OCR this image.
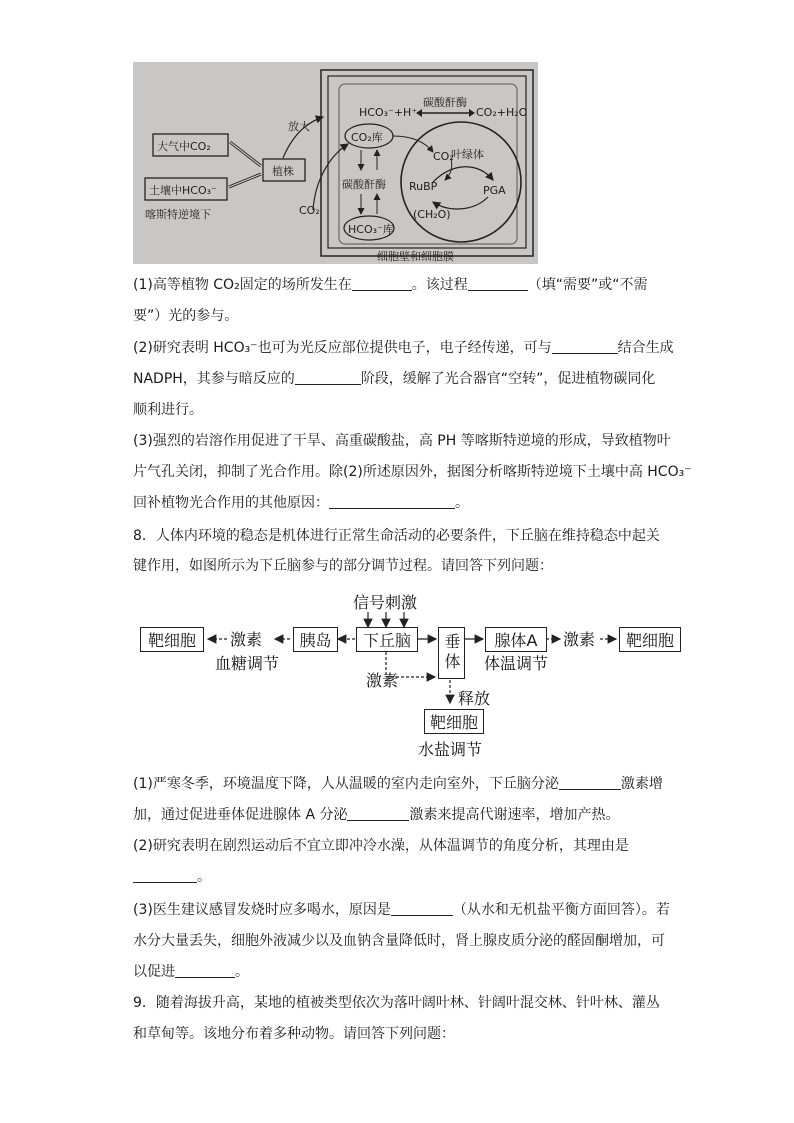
大气中CO₂
土壤中HCO₃⁻
喀斯特逆境下
植株
放大
CO₂
CO₂库
碳酸酐酶
HCO₃⁻库
HCO₃⁻+H⁺
碳酸酐酶
CO₂+H₂O
叶绿体
CO₂
RuBP	PGA
(CH₂O)
细胞壁和细胞膜
(1)高等植物 CO₂固定的场所发生在	。该过程	（填“需要”或“不需
要”）光的参与。
(2)研究表明 HCO₃⁻也可为光反应部位提供电子，电子经传递，可与	结合生成
NADPH，其参与暗反应的	阶段，缓解了光合器官“空转”，促进植物碳同化
顺利进行。
(3)强烈的岩溶作用促进了干旱、高重碳酸盐，高 PH 等喀斯特逆境的形成，导致植物叶
片气孔关闭，抑制了光合作用。除(2)所述原因外，据图分析喀斯特逆境下土壤中高 HCO₃⁻
回补植物光合作用的其他原因：	。
8．人体内环境的稳态是机体进行正常生命活动的必要条件，下丘脑在维持稳态中起关
键作用，如图所示为下丘脑参与的部分调节过程。请回答下列问题：
信号刺激
靶细胞	激素
血糖调节
胰岛	下丘脑	垂体	腺体A
体温调节
激素	靶细胞
激素
释放
靶细胞
水盐调节
(1)严寒冬季，环境温度下降，人从温暖的室内走向室外，下丘脑分泌	激素增
加，通过促进垂体促进腺体 A 分泌	激素来提高代谢速率，增加产热。
(2)研究表明在剧烈运动后不宜立即冲冷水澡，从体温调节的角度分析，其理由是
。
(3)医生建议感冒发烧时应多喝水，原因是	（从水和无机盐平衡方面回答）。若
水分大量丢失，细胞外液减少以及血钠含量降低时，肾上腺皮质分泌的醛固酮增加，可
以促进	。
9．随着海拔升高，某地的植被类型依次为落叶阔叶林、针阔叶混交林、针叶林、灌丛
和草甸等。该地分布着多种动物。请回答下列问题：
